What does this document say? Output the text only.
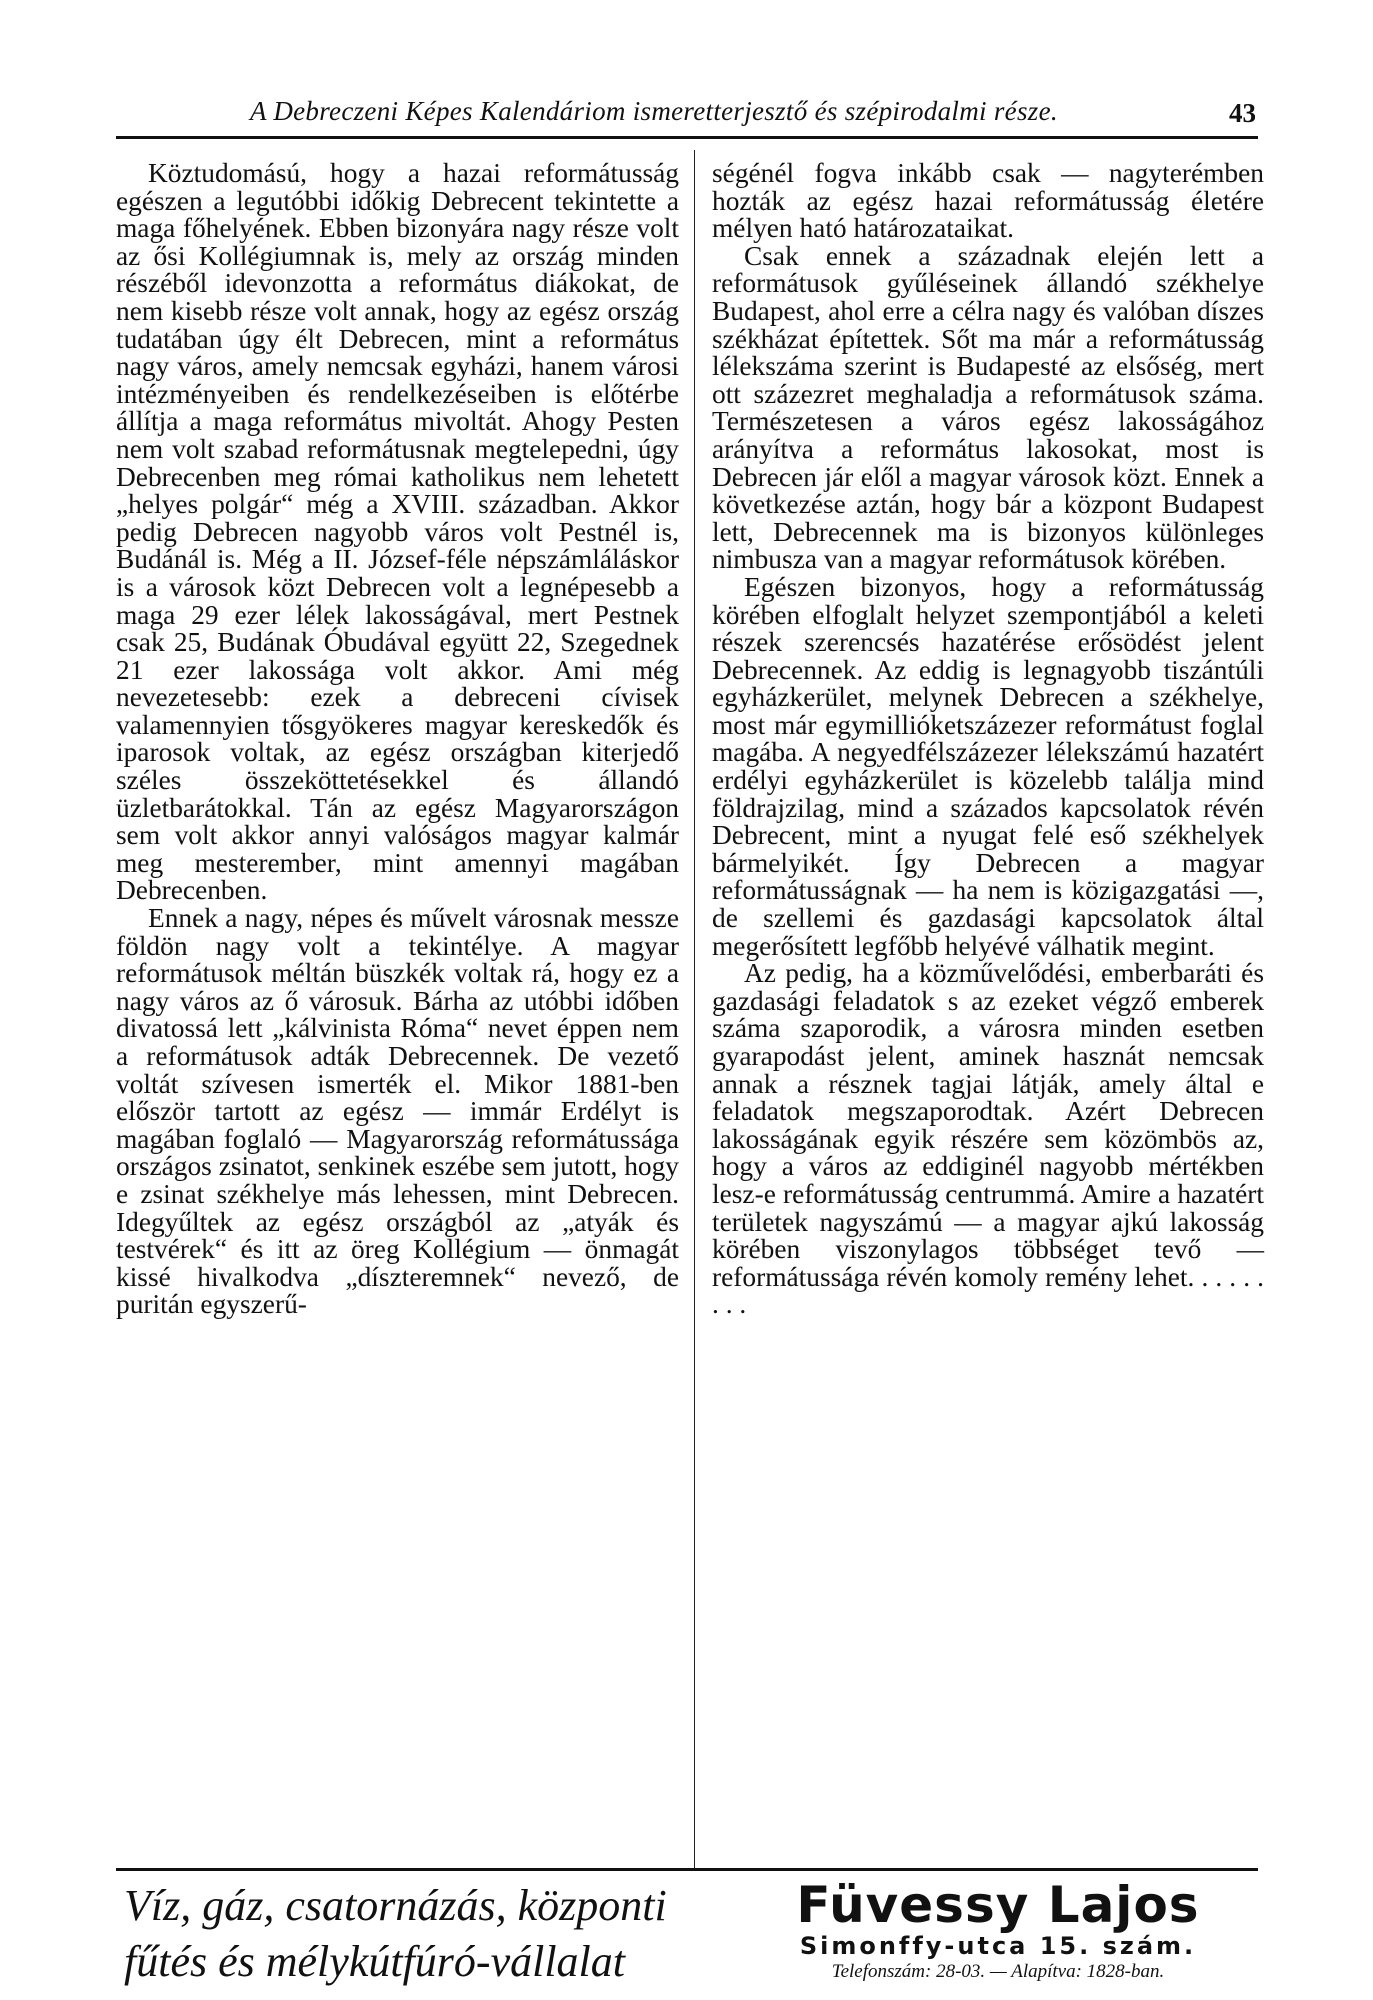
A Debreczeni Képes Kalendáriom ismeretterjesztő és szépirodalmi része.	43

Köztudomású, hogy a hazai reformátusság egészen a legutóbbi időkig Debrecent tekintette a maga főhelyének. Ebben bizonyára nagy része volt az ősi Kollégiumnak is, mely az ország minden részéből idevonzotta a református diákokat, de nem kisebb része volt annak, hogy az egész ország tudatában úgy élt Debrecen, mint a református nagy város, amely nemcsak egyházi, hanem városi intézményeiben és rendelkezéseiben is előtérbe állítja a maga református mivoltát. Ahogy Pesten nem volt szabad reformátusnak megtelepedni, úgy Debrecenben meg római katholikus nem lehetett „helyes polgár“ még a XVIII. században. Akkor pedig Debrecen nagyobb város volt Pestnél is, Budánál is. Még a II. József-féle népszámláláskor is a városok közt Debrecen volt a legnépesebb a maga 29 ezer lélek lakosságával, mert Pestnek csak 25, Budának Óbudával együtt 22, Szegednek 21 ezer lakossága volt akkor. Ami még nevezetesebb: ezek a debreceni cívisek valamennyien tősgyökeres magyar kereskedők és iparosok voltak, az egész országban kiterjedő széles összeköttetésekkel és állandó üzletbarátokkal. Tán az egész Magyarországon sem volt akkor annyi valóságos magyar kalmár meg mesterember, mint amennyi magában Debrecenben.

Ennek a nagy, népes és művelt városnak messze földön nagy volt a tekintélye. A magyar reformátusok méltán büszkék voltak rá, hogy ez a nagy város az ő városuk. Bárha az utóbbi időben divatossá lett „kálvinista Róma“ nevet éppen nem a reformátusok adták Debrecennek. De vezető voltát szívesen ismerték el. Mikor 1881-ben először tartott az egész — immár Erdélyt is magában foglaló — Magyarország reformátussága országos zsinatot, senkinek eszébe sem jutott, hogy e zsinat székhelye más lehessen, mint Debrecen. Idegyűltek az egész országból az „atyák és testvérek“ és itt az öreg Kollégium — önmagát kissé hivalkodva „díszteremnek“ nevező, de puritán egyszerű-

ségénél fogva inkább csak — nagyterémben hozták az egész hazai reformátusság életére mélyen ható határozataikat.

Csak ennek a századnak elején lett a reformátusok gyűléseinek állandó székhelye Budapest, ahol erre a célra nagy és valóban díszes székházat építettek. Sőt ma már a reformátusság lélekszáma szerint is Budapesté az elsőség, mert ott százezret meghaladja a reformátusok száma. Természetesen a város egész lakosságához arányítva a református lakosokat, most is Debrecen jár elől a magyar városok közt. Ennek a következése aztán, hogy bár a központ Budapest lett, Debrecennek ma is bizonyos különleges nimbusza van a magyar reformátusok körében.

Egészen bizonyos, hogy a reformátusság körében elfoglalt helyzet szempontjából a keleti részek szerencsés hazatérése erősödést jelent Debrecennek. Az eddig is legnagyobb tiszántúli egyházkerület, melynek Debrecen a székhelye, most már egymillióketszázezer reformátust foglal magába. A negyedfélszázezer lélekszámú hazatért erdélyi egyházkerület is közelebb találja mind földrajzilag, mind a százados kapcsolatok révén Debrecent, mint a nyugat felé eső székhelyek bármelyikét. Így Debrecen a magyar reformátusságnak — ha nem is közigazgatási —, de szellemi és gazdasági kapcsolatok által megerősített legfőbb helyévé válhatik megint.

Az pedig, ha a közművelődési, emberbaráti és gazdasági feladatok s az ezeket végző emberek száma szaporodik, a városra minden esetben gyarapodást jelent, aminek hasznát nemcsak annak a résznek tagjai látják, amely által e feladatok megszaporodtak. Azért Debrecen lakosságának egyik részére sem közömbös az, hogy a város az eddiginél nagyobb mértékben lesz-e reformátusság centrummá. Amire a hazatért területek nagyszámú — a magyar ajkú lakosság körében viszonylagos többséget tevő — reformátussága révén komoly remény lehet. . . . . . . . .

Víz, gáz, csatornázás, központi
fűtés és mélykútfúró-vállalat
Füvessy Lajos
Simonffy-utca 15. szám.
Telefonszám: 28-03. — Alapítva: 1828-ban.
